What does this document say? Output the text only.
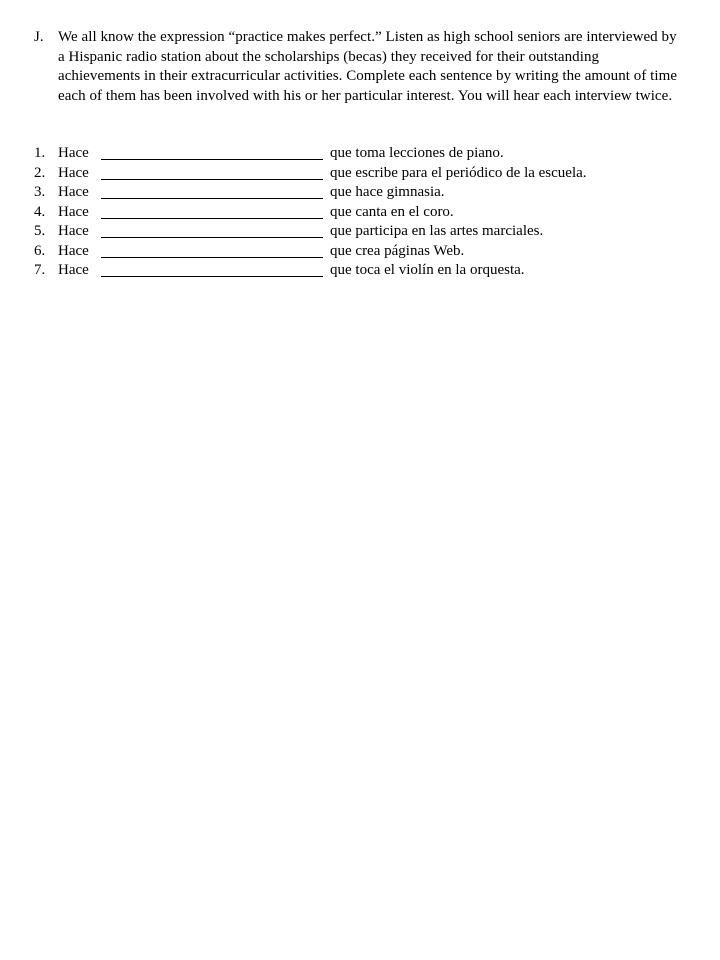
J. We all know the expression “practice makes perfect.” Listen as high school seniors are interviewed by a Hispanic radio station about the scholarships (becas) they received for their outstanding achievements in their extracurricular activities. Complete each sentence by writing the amount of time each of them has been involved with his or her particular interest. You will hear each interview twice.
1. Hace	que toma lecciones de piano.
2. Hace	que escribe para el periódico de la escuela.
3. Hace	que hace gimnasia.
4. Hace	que canta en el coro.
5. Hace	que participa en las artes marciales.
6. Hace	que crea páginas Web.
7. Hace	que toca el violín en la orquesta.
